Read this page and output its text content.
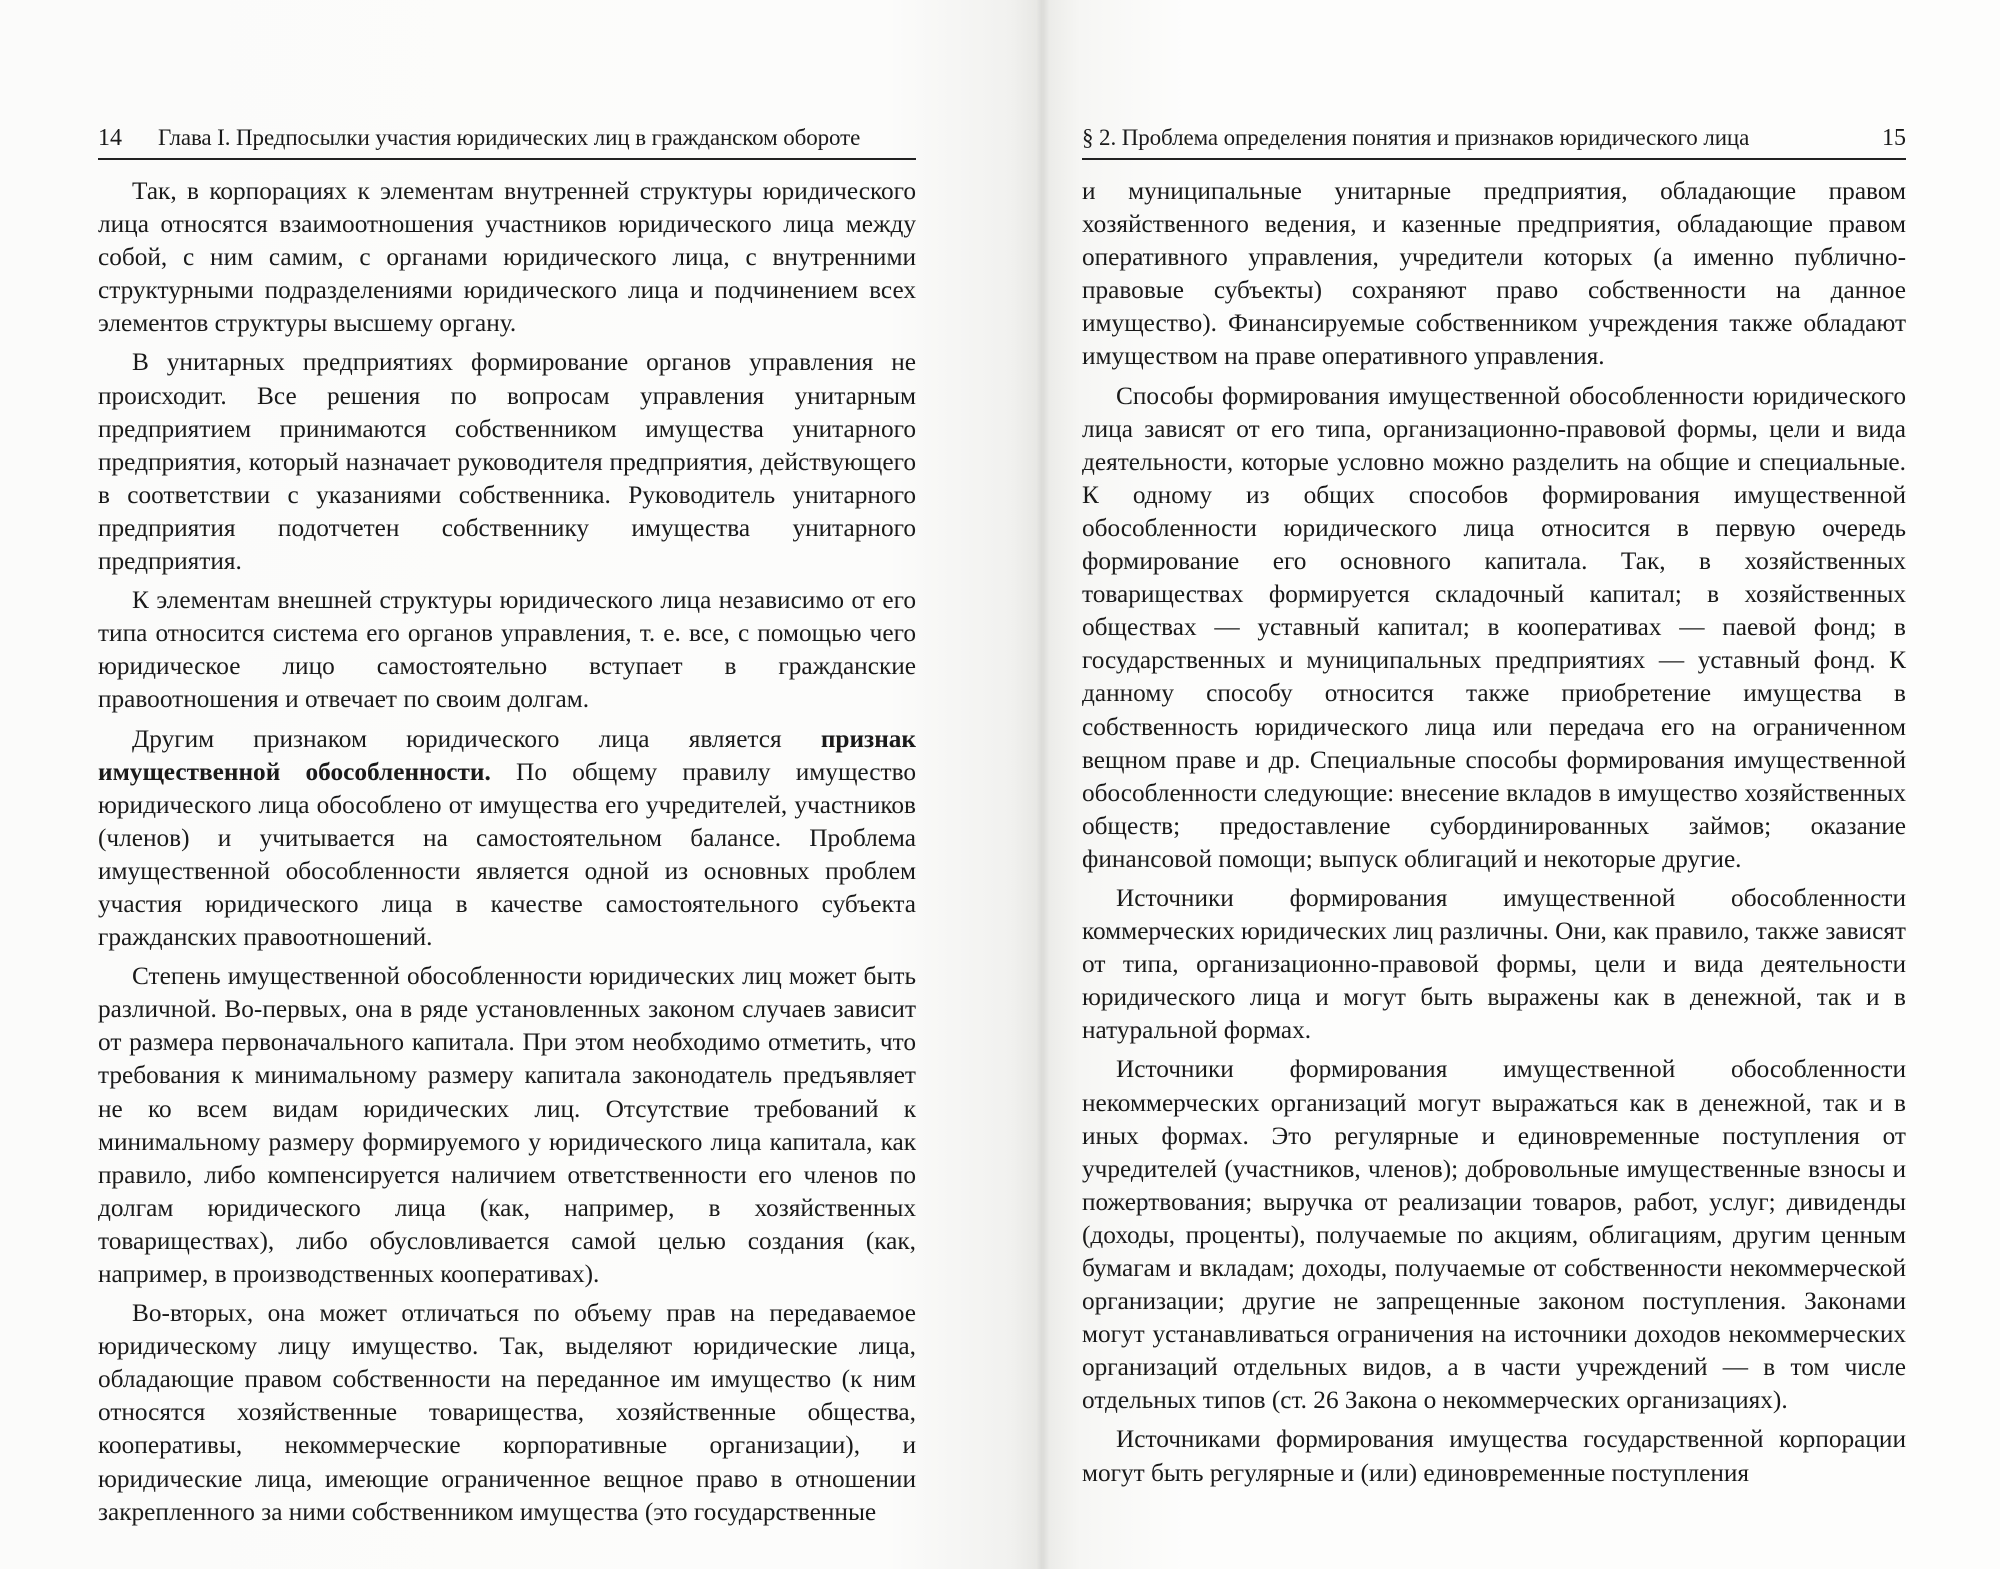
14 Глава I. Предпосылки участия юридических лиц в гражданском обороте

Так, в корпорациях к элементам внутренней структуры юридического лица относятся взаимоотношения участников юридического лица между собой, с ним самим, с органами юридического лица, с внутренними структурными подразделениями юридического лица и подчинением всех элементов структуры высшему органу.

В унитарных предприятиях формирование органов управления не происходит. Все решения по вопросам управления унитарным предприятием принимаются собственником имущества унитарного предприятия, который назначает руководителя предприятия, действующего в соответствии с указаниями собственника. Руководитель унитарного предприятия подотчетен собственнику имущества унитарного предприятия.

К элементам внешней структуры юридического лица независимо от его типа относится система его органов управления, т. е. все, с помощью чего юридическое лицо самостоятельно вступает в гражданские правоотношения и отвечает по своим долгам.

Другим признаком юридического лица является признак имущественной обособленности. По общему правилу имущество юридического лица обособлено от имущества его учредителей, участников (членов) и учитывается на самостоятельном балансе. Проблема имущественной обособленности является одной из основных проблем участия юридического лица в качестве самостоятельного субъекта гражданских правоотношений.

Степень имущественной обособленности юридических лиц может быть различной. Во-первых, она в ряде установленных законом случаев зависит от размера первоначального капитала. При этом необходимо отметить, что требования к минимальному размеру капитала законодатель предъявляет не ко всем видам юридических лиц. Отсутствие требований к минимальному размеру формируемого у юридического лица капитала, как правило, либо компенсируется наличием ответственности его членов по долгам юридического лица (как, например, в хозяйственных товариществах), либо обусловливается самой целью создания (как, например, в производственных кооперативах).

Во-вторых, она может отличаться по объему прав на передаваемое юридическому лицу имущество. Так, выделяют юридические лица, обладающие правом собственности на переданное им имущество (к ним относятся хозяйственные товарищества, хозяйственные общества, кооперативы, некоммерческие корпоративные организации), и юридические лица, имеющие ограниченное вещное право в отношении закрепленного за ними собственником имущества (это государственные

§ 2. Проблема определения понятия и признаков юридического лица	15

и муниципальные унитарные предприятия, обладающие правом хозяйственного ведения, и казенные предприятия, обладающие правом оперативного управления, учредители которых (а именно публично-правовые субъекты) сохраняют право собственности на данное имущество). Финансируемые собственником учреждения также обладают имуществом на праве оперативного управления.

Способы формирования имущественной обособленности юридического лица зависят от его типа, организационно-правовой формы, цели и вида деятельности, которые условно можно разделить на общие и специальные. К одному из общих способов формирования имущественной обособленности юридического лица относится в первую очередь формирование его основного капитала. Так, в хозяйственных товариществах формируется складочный капитал; в хозяйственных обществах — уставный капитал; в кооперативах — паевой фонд; в государственных и муниципальных предприятиях — уставный фонд. К данному способу относится также приобретение имущества в собственность юридического лица или передача его на ограниченном вещном праве и др. Специальные способы формирования имущественной обособленности следующие: внесение вкладов в имущество хозяйственных обществ; предоставление субординированных займов; оказание финансовой помощи; выпуск облигаций и некоторые другие.

Источники формирования имущественной обособленности коммерческих юридических лиц различны. Они, как правило, также зависят от типа, организационно-правовой формы, цели и вида деятельности юридического лица и могут быть выражены как в денежной, так и в натуральной формах.

Источники формирования имущественной обособленности некоммерческих организаций могут выражаться как в денежной, так и в иных формах. Это регулярные и единовременные поступления от учредителей (участников, членов); добровольные имущественные взносы и пожертвования; выручка от реализации товаров, работ, услуг; дивиденды (доходы, проценты), получаемые по акциям, облигациям, другим ценным бумагам и вкладам; доходы, получаемые от собственности некоммерческой организации; другие не запрещенные законом поступления. Законами могут устанавливаться ограничения на источники доходов некоммерческих организаций отдельных видов, а в части учреждений — в том числе отдельных типов (ст. 26 Закона о некоммерческих организациях).

Источниками формирования имущества государственной корпорации могут быть регулярные и (или) единовременные поступления
